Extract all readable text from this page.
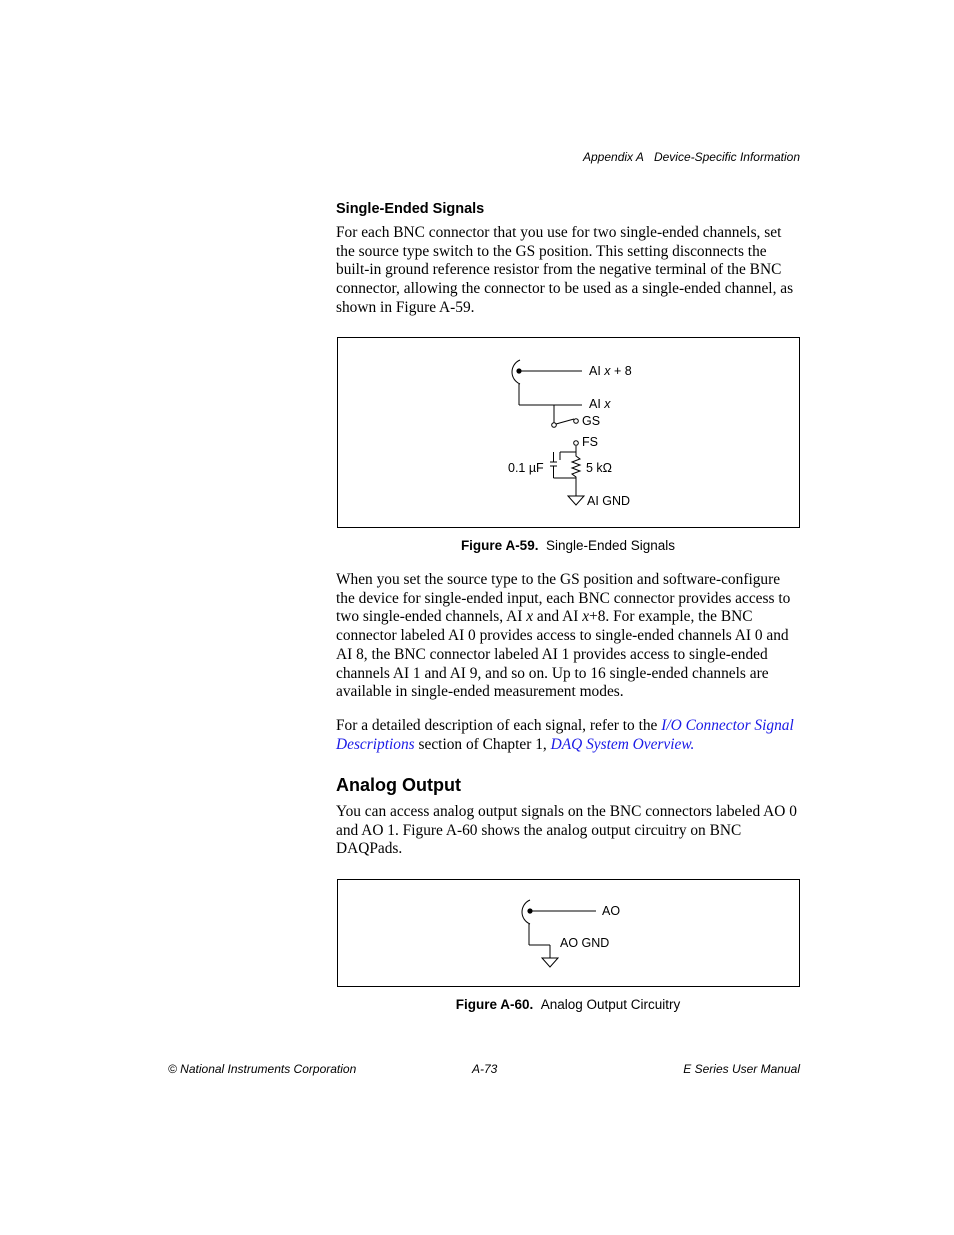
Appendix A Device-Specific Information
Single-Ended Signals

For each BNC connector that you use for two single-ended channels, set the source type switch to the GS position. This setting disconnects the built-in ground reference resistor from the negative terminal of the BNC connector, allowing the connector to be used as a single-ended channel, as shown in Figure A-59.

AI x + 8
AI x
GS
FS
0.1 µF	5 kΩ
AI GND
Figure A-59. Single-Ended Signals

When you set the source type to the GS position and software-configure the device for single-ended input, each BNC connector provides access to two single-ended channels, AI x and AI x+8. For example, the BNC connector labeled AI 0 provides access to single-ended channels AI 0 and AI 8, the BNC connector labeled AI 1 provides access to single-ended channels AI 1 and AI 9, and so on. Up to 16 single-ended channels are available in single-ended measurement modes.

For a detailed description of each signal, refer to the I/O Connector Signal Descriptions section of Chapter 1, DAQ System Overview.

Analog Output

You can access analog output signals on the BNC connectors labeled AO 0 and AO 1. Figure A-60 shows the analog output circuitry on BNC DAQPads.

AO
AO GND
Figure A-60. Analog Output Circuitry
© National Instruments Corporation	A-73	E Series User Manual
